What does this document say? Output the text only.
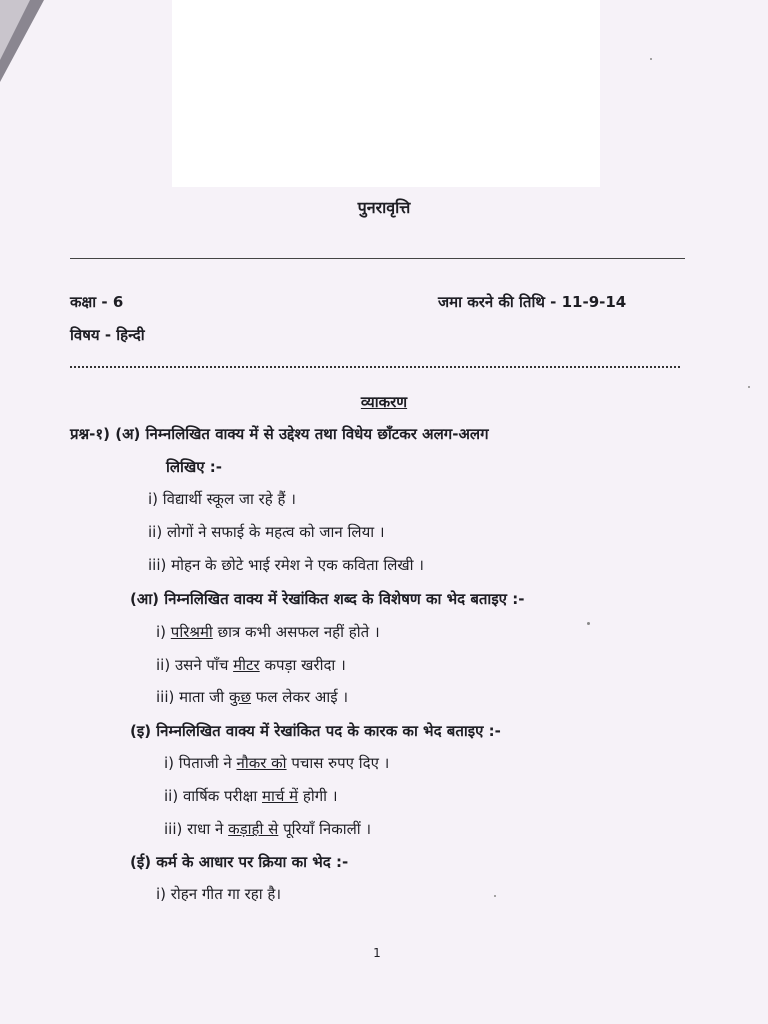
पुनरावृत्ति
कक्षा - 6	जमा करने की तिथि - 11-9-14
विषय - हिन्दी
व्याकरण
प्रश्न-१) (अ) निम्नलिखित वाक्य में से उद्देश्य तथा विधेय छाँटकर अलग-अलग
लिखिए :-
i) विद्यार्थी स्कूल जा रहे हैं ।
ii) लोगों ने सफाई के महत्व को जान लिया ।
iii) मोहन के छोटे भाई रमेश ने एक कविता लिखी ।
(आ) निम्नलिखित वाक्य में रेखांकित शब्द के विशेषण का भेद बताइए :-
i) परिश्रमी छात्र कभी असफल नहीं होते ।
ii) उसने पाँच मीटर कपड़ा खरीदा ।
iii) माता जी कुछ फल लेकर आई ।
(इ) निम्नलिखित वाक्य में रेखांकित पद के कारक का भेद बताइए :-
i) पिताजी ने नौकर को पचास रुपए दिए ।
ii) वार्षिक परीक्षा मार्च में होगी ।
iii) राधा ने कड़ाही से पूरियाँ निकालीं ।
(ई) कर्म के आधार पर क्रिया का भेद :-
i) रोहन गीत गा रहा है।
1
